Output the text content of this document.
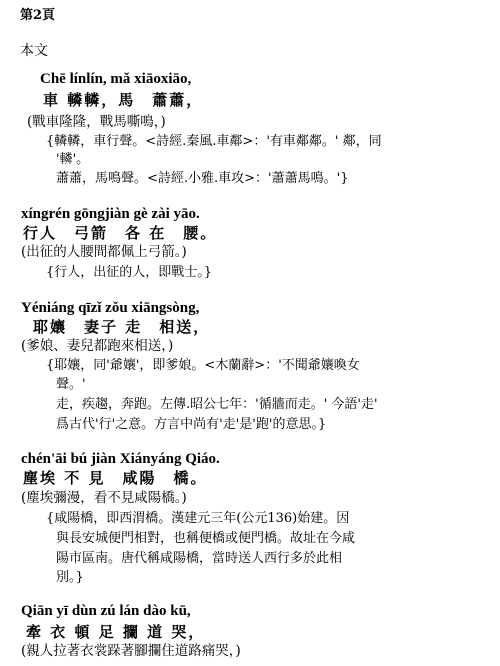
第2頁
本文
Chē línlín, mǎ xiāoxiāo,
車 轔轔，馬　蕭蕭，
(戰車隆隆，戰馬嘶鳴，)
{轔轔，車行聲。<詩經.秦風.車鄰>：'有車鄰鄰。' 鄰，同
'轔'。
蕭蕭，馬鳴聲。<詩經.小雅.車攻>：'蕭蕭馬鳴。'}
xíngrén gōngjiàn gè zài yāo.
行人　弓箭　各 在　腰。
(出征的人腰間都佩上弓箭。)
{行人，出征的人，即戰士。}
Yéniáng qīzǐ zǒu xiāngsòng,
耶孃　妻子 走　相送，
(爹娘、妻兒都跑來相送，)
{耶孃，同'爺孃'，即爹娘。<木蘭辭>：'不聞爺孃喚女
聲。'
走，疾趨，奔跑。左傳.昭公七年：'循牆而走。' 今語'走'
爲古代'行'之意。方言中尚有'走'是'跑'的意思。}
chén'āi bú jiàn Xiányáng Qiáo.
塵埃 不 見　咸陽　橋。
(塵埃彌漫，看不見咸陽橋。)
{咸陽橋，即西渭橋。漢建元三年(公元136)始建。因
與長安城便門相對，也稱便橋或便門橋。故址在今咸
陽市區南。唐代稱咸陽橋，當時送人西行多於此相
別。}
Qiān yī dùn zú lán dào kū,
牽 衣 頓 足 攔 道 哭，
(親人拉著衣裳跺著腳攔住道路痛哭，)
